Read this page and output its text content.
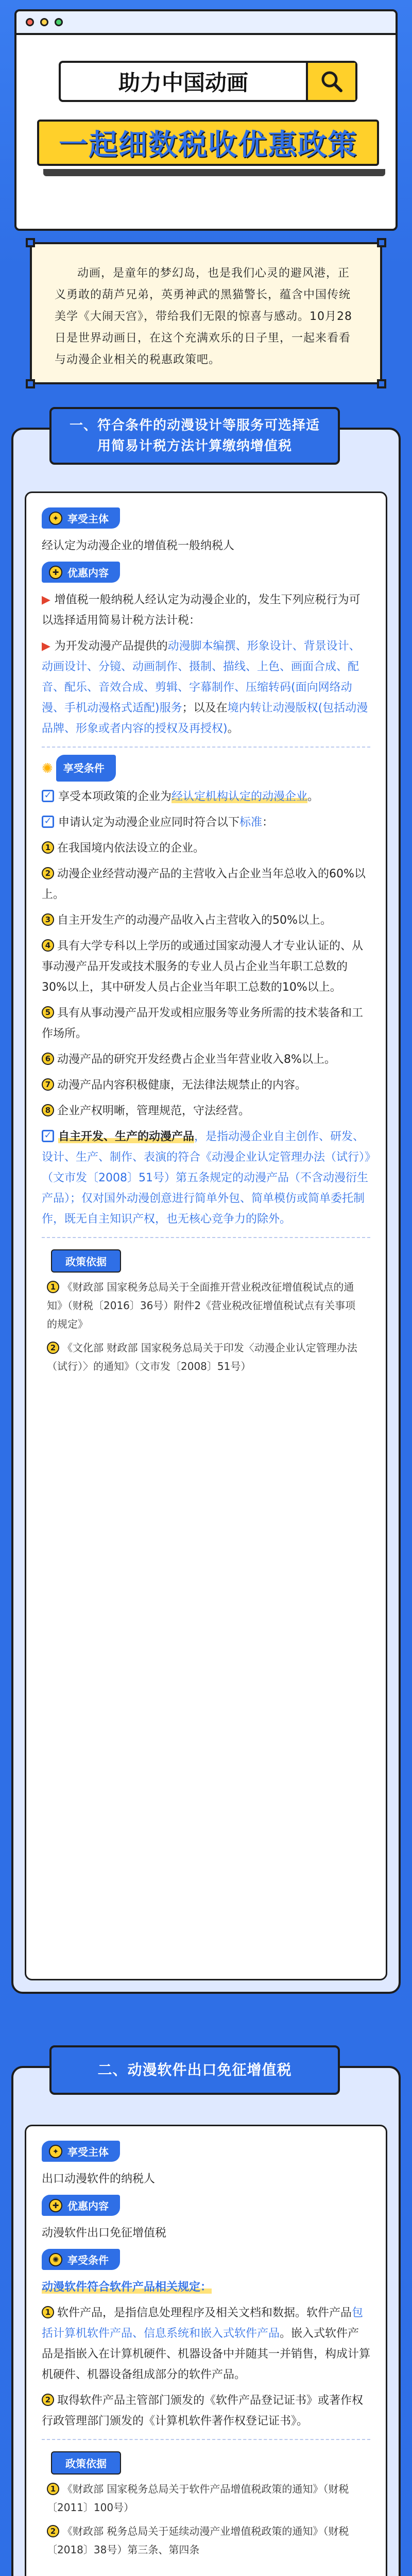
助力中国动画
一起细数税收优惠政策

动画，是童年的梦幻岛，也是我们心灵的避风港，正义勇敢的葫芦兄弟，英勇神武的黑猫警长，蕴含中国传统美学《大闹天宫》，带给我们无限的惊喜与感动。10月28日是世界动画日，在这个充满欢乐的日子里，一起来看看与动漫企业相关的税惠政策吧。

✦ 享受主体
经认定为动漫企业的增值税一般纳税人
✚ 优惠内容
▶ 增值税一般纳税人经认定为动漫企业的，发生下列应税行为可以选择适用简易计税方法计税：
▶ 为开发动漫产品提供的动漫脚本编撰、形象设计、背景设计、动画设计、分镜、动画制作、摄制、描线、上色、画面合成、配音、配乐、音效合成、剪辑、字幕制作、压缩转码(面向网络动漫、手机动漫格式适配)服务；以及在境内转让动漫版权(包括动漫品牌、形象或者内容的授权及再授权)。
✺ 享受条件
✓ 享受本项政策的企业为经认定机构认定的动漫企业。
✓ 申请认定为动漫企业应同时符合以下标准：
1 在我国境内依法设立的企业。
2 动漫企业经营动漫产品的主营收入占企业当年总收入的60%以上。
3 自主开发生产的动漫产品收入占主营收入的50%以上。
4 具有大学专科以上学历的或通过国家动漫人才专业认证的、从事动漫产品开发或技术服务的专业人员占企业当年职工总数的30%以上，其中研发人员占企业当年职工总数的10%以上。
5 具有从事动漫产品开发或相应服务等业务所需的技术装备和工作场所。
6 动漫产品的研究开发经费占企业当年营业收入8%以上。
7 动漫产品内容积极健康，无法律法规禁止的内容。
8 企业产权明晰，管理规范，守法经营。
✓ 自主开发、生产的动漫产品，是指动漫企业自主创作、研发、设计、生产、制作、表演的符合《动漫企业认定管理办法（试行）》（文市发〔2008〕51号）第五条规定的动漫产品（不含动漫衍生产品）；仅对国外动漫创意进行简单外包、简单模仿或简单委托制作，既无自主知识产权，也无核心竞争力的除外。
政策依据
1 《财政部 国家税务总局关于全面推开营业税改征增值税试点的通知》（财税〔2016〕36号）附件2《营业税改征增值税试点有关事项的规定》
2 《文化部 财政部 国家税务总局关于印发〈动漫企业认定管理办法（试行）〉的通知》（文市发〔2008〕51号）
一、符合条件的动漫设计等服务可选择适用简易计税方法计算缴纳增值税
✦ 享受主体
出口动漫软件的纳税人
✚ 优惠内容
动漫软件出口免征增值税
✺ 享受条件
动漫软件符合软件产品相关规定：
1 软件产品，是指信息处理程序及相关文档和数据。软件产品包括计算机软件产品、信息系统和嵌入式软件产品。嵌入式软件产品是指嵌入在计算机硬件、机器设备中并随其一并销售，构成计算机硬件、机器设备组成部分的软件产品。
2 取得软件产品主管部门颁发的《软件产品登记证书》或著作权行政管理部门颁发的《计算机软件著作权登记证书》。
政策依据
1 《财政部 国家税务总局关于软件产品增值税政策的通知》（财税〔2011〕100号）
2 《财政部 税务总局关于延续动漫产业增值税政策的通知》（财税〔2018〕38号）第三条、第四条
二、动漫软件出口免征增值税
